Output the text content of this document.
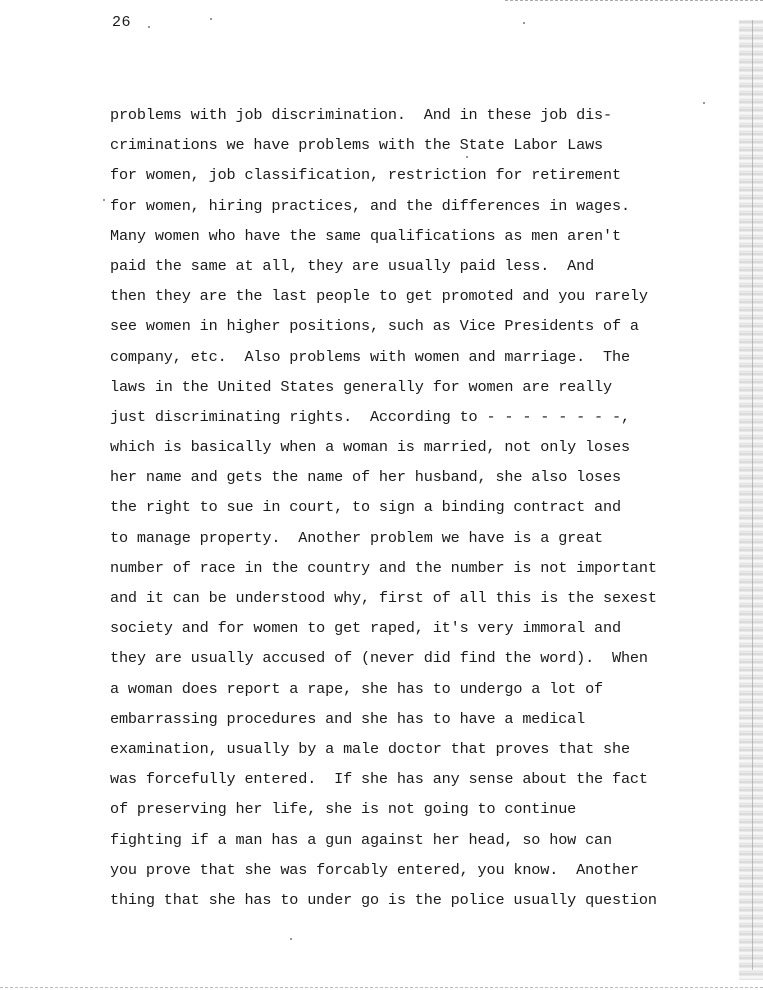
26
problems with job discrimination.  And in these job dis-
criminations we have problems with the State Labor Laws
for women, job classification, restriction for retirement
for women, hiring practices, and the differences in wages.
Many women who have the same qualifications as men aren't
paid the same at all, they are usually paid less.  And
then they are the last people to get promoted and you rarely
see women in higher positions, such as Vice Presidents of a
company, etc.  Also problems with women and marriage.  The
laws in the United States generally for women are really
just discriminating rights.  According to - - - - - - - -,
which is basically when a woman is married, not only loses
her name and gets the name of her husband, she also loses
the right to sue in court, to sign a binding contract and
to manage property.  Another problem we have is a great
number of race in the country and the number is not important
and it can be understood why, first of all this is the sexest
society and for women to get raped, it's very immoral and
they are usually accused of (never did find the word).  When
a woman does report a rape, she has to undergo a lot of
embarrassing procedures and she has to have a medical
examination, usually by a male doctor that proves that she
was forcefully entered.  If she has any sense about the fact
of preserving her life, she is not going to continue
fighting if a man has a gun against her head, so how can
you prove that she was forcably entered, you know.  Another
thing that she has to under go is the police usually question
